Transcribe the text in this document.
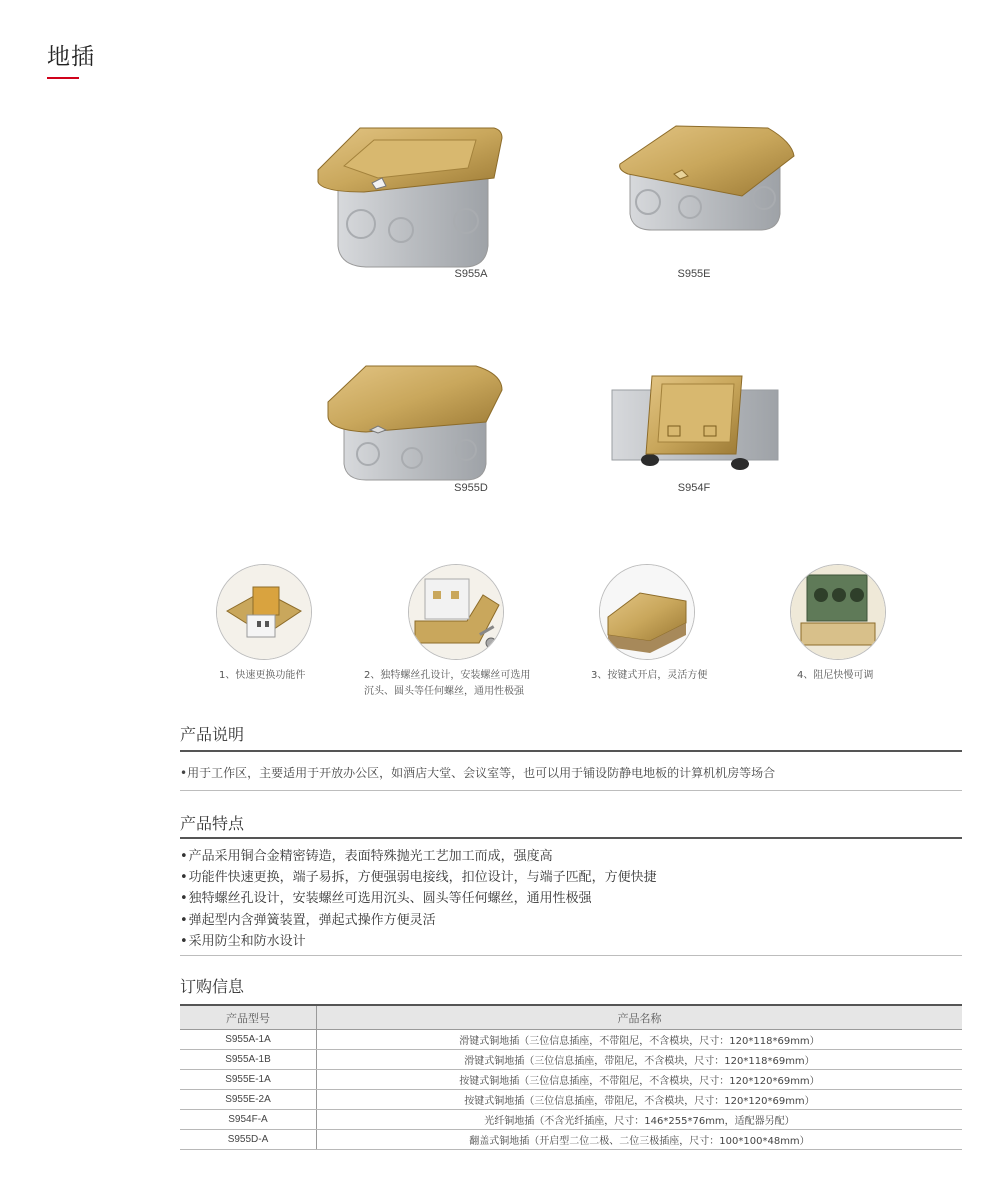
地插
S955A	S955E
S955D	S954F
1、快速更换功能件	2、独特螺丝孔设计，安装螺丝可选用
沉头、圆头等任何螺丝，通用性极强
3、按键式开启，灵活方便	4、阻尼快慢可调
产品说明
•用于工作区，主要适用于开放办公区，如酒店大堂、会议室等，也可以用于铺设防静电地板的计算机机房等场合
产品特点
• 产品采用铜合金精密铸造，表面特殊抛光工艺加工而成，强度高
• 功能件快速更换，端子易拆，方便强弱电接线，扣位设计，与端子匹配，方便快捷
• 独特螺丝孔设计，安装螺丝可选用沉头、圆头等任何螺丝，通用性极强
• 弹起型内含弹簧装置，弹起式操作方便灵活
• 采用防尘和防水设计
订购信息
产品型号	产品名称
S955A-1A	滑键式铜地插（三位信息插座，不带阻尼，不含模块，尺寸：120*118*69mm）
S955A-1B	滑键式铜地插（三位信息插座，带阻尼，不含模块，尺寸：120*118*69mm）
S955E-1A	按键式铜地插（三位信息插座，不带阻尼，不含模块，尺寸：120*120*69mm）
S955E-2A	按键式铜地插（三位信息插座，带阻尼，不含模块，尺寸：120*120*69mm）
S954F-A	光纤铜地插（不含光纤插座，尺寸：146*255*76mm，适配器另配）
S955D-A	翻盖式铜地插（开启型二位二极、二位三极插座，尺寸：100*100*48mm）
